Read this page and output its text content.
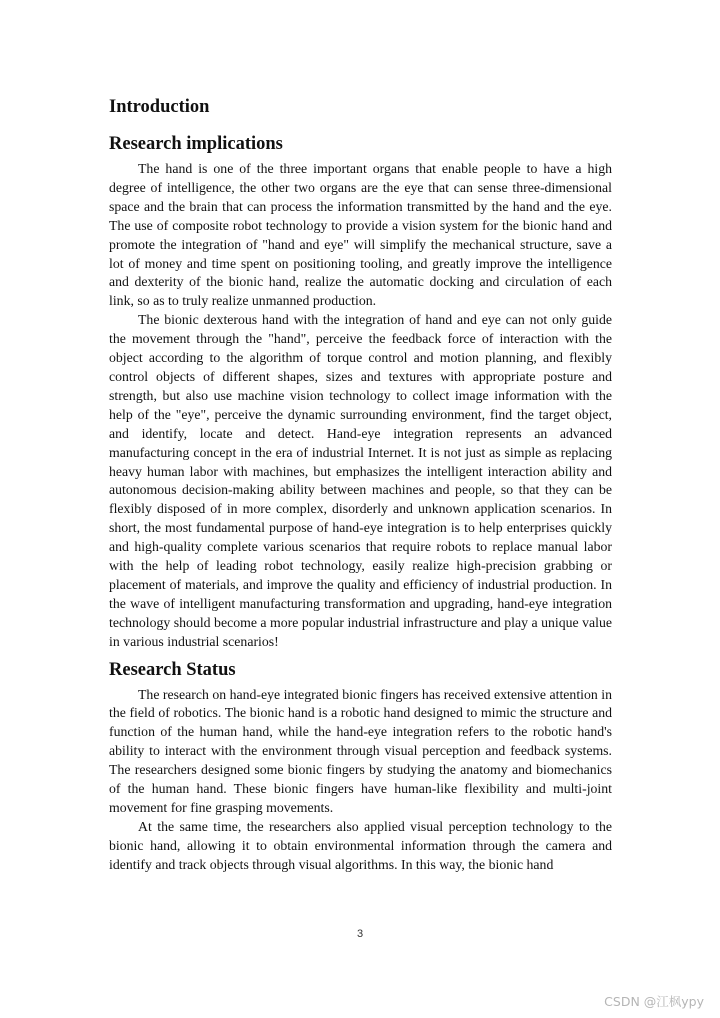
Introduction
Research implications

The hand is one of the three important organs that enable people to have a high degree of intelligence, the other two organs are the eye that can sense three-dimensional space and the brain that can process the information transmitted by the hand and the eye. The use of composite robot technology to provide a vision system for the bionic hand and promote the integration of "hand and eye" will simplify the mechanical structure, save a lot of money and time spent on positioning tooling, and greatly improve the intelligence and dexterity of the bionic hand, realize the automatic docking and circulation of each link, so as to truly realize unmanned production.

The bionic dexterous hand with the integration of hand and eye can not only guide the movement through the "hand", perceive the feedback force of interaction with the object according to the algorithm of torque control and motion planning, and flexibly control objects of different shapes, sizes and textures with appropriate posture and strength, but also use machine vision technology to collect image information with the help of the "eye", perceive the dynamic surrounding environment, find the target object, and identify, locate and detect. Hand-eye integration represents an advanced manufacturing concept in the era of industrial Internet. It is not just as simple as replacing heavy human labor with machines, but emphasizes the intelligent interaction ability and autonomous decision-making ability between machines and people, so that they can be flexibly disposed of in more complex, disorderly and unknown application scenarios. In short, the most fundamental purpose of hand-eye integration is to help enterprises quickly and high-quality complete various scenarios that require robots to replace manual labor with the help of leading robot technology, easily realize high-precision grabbing or placement of materials, and improve the quality and efficiency of industrial production. In the wave of intelligent manufacturing transformation and upgrading, hand-eye integration technology should become a more popular industrial infrastructure and play a unique value in various industrial scenarios!

Research Status

The research on hand-eye integrated bionic fingers has received extensive attention in the field of robotics. The bionic hand is a robotic hand designed to mimic the structure and function of the human hand, while the hand-eye integration refers to the robotic hand's ability to interact with the environment through visual perception and feedback systems. The researchers designed some bionic fingers by studying the anatomy and biomechanics of the human hand. These bionic fingers have human-like flexibility and multi-joint movement for fine grasping movements.

At the same time, the researchers also applied visual perception technology to the bionic hand, allowing it to obtain environmental information through the camera and identify and track objects through visual algorithms. In this way, the bionic hand

3
CSDN @江枫ypy
